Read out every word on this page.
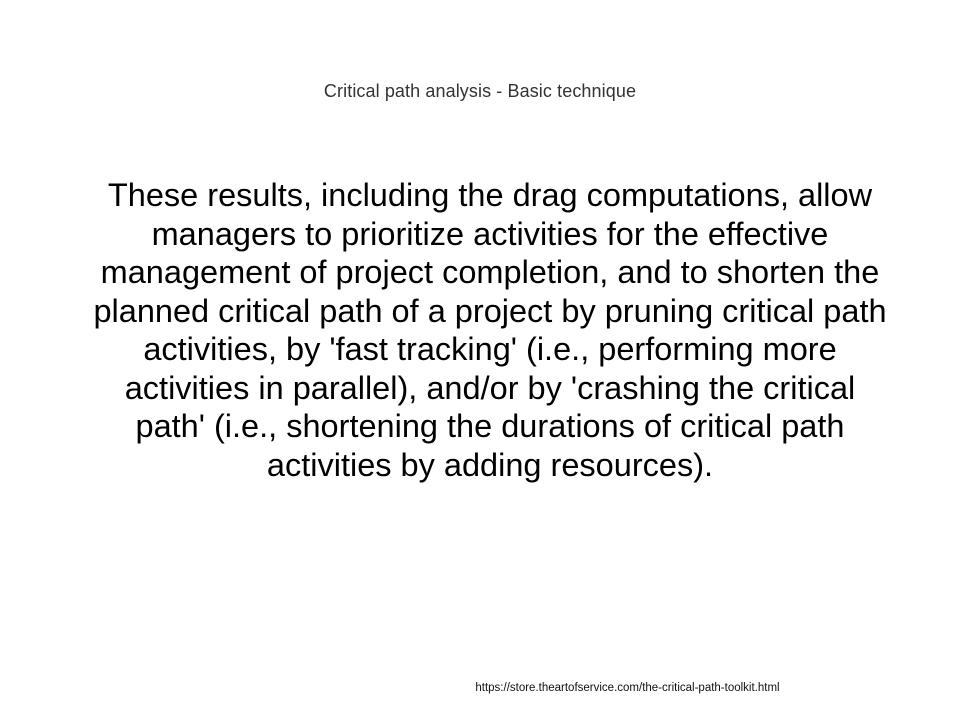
Critical path analysis - Basic technique
These results, including the drag computations, allow managers to prioritize activities for the effective management of project completion, and to shorten the planned critical path of a project by pruning critical path activities, by 'fast tracking' (i.e., performing more activities in parallel), and/or by 'crashing the critical path' (i.e., shortening the durations of critical path activities by adding resources).
https://store.theartofservice.com/the-critical-path-toolkit.html
